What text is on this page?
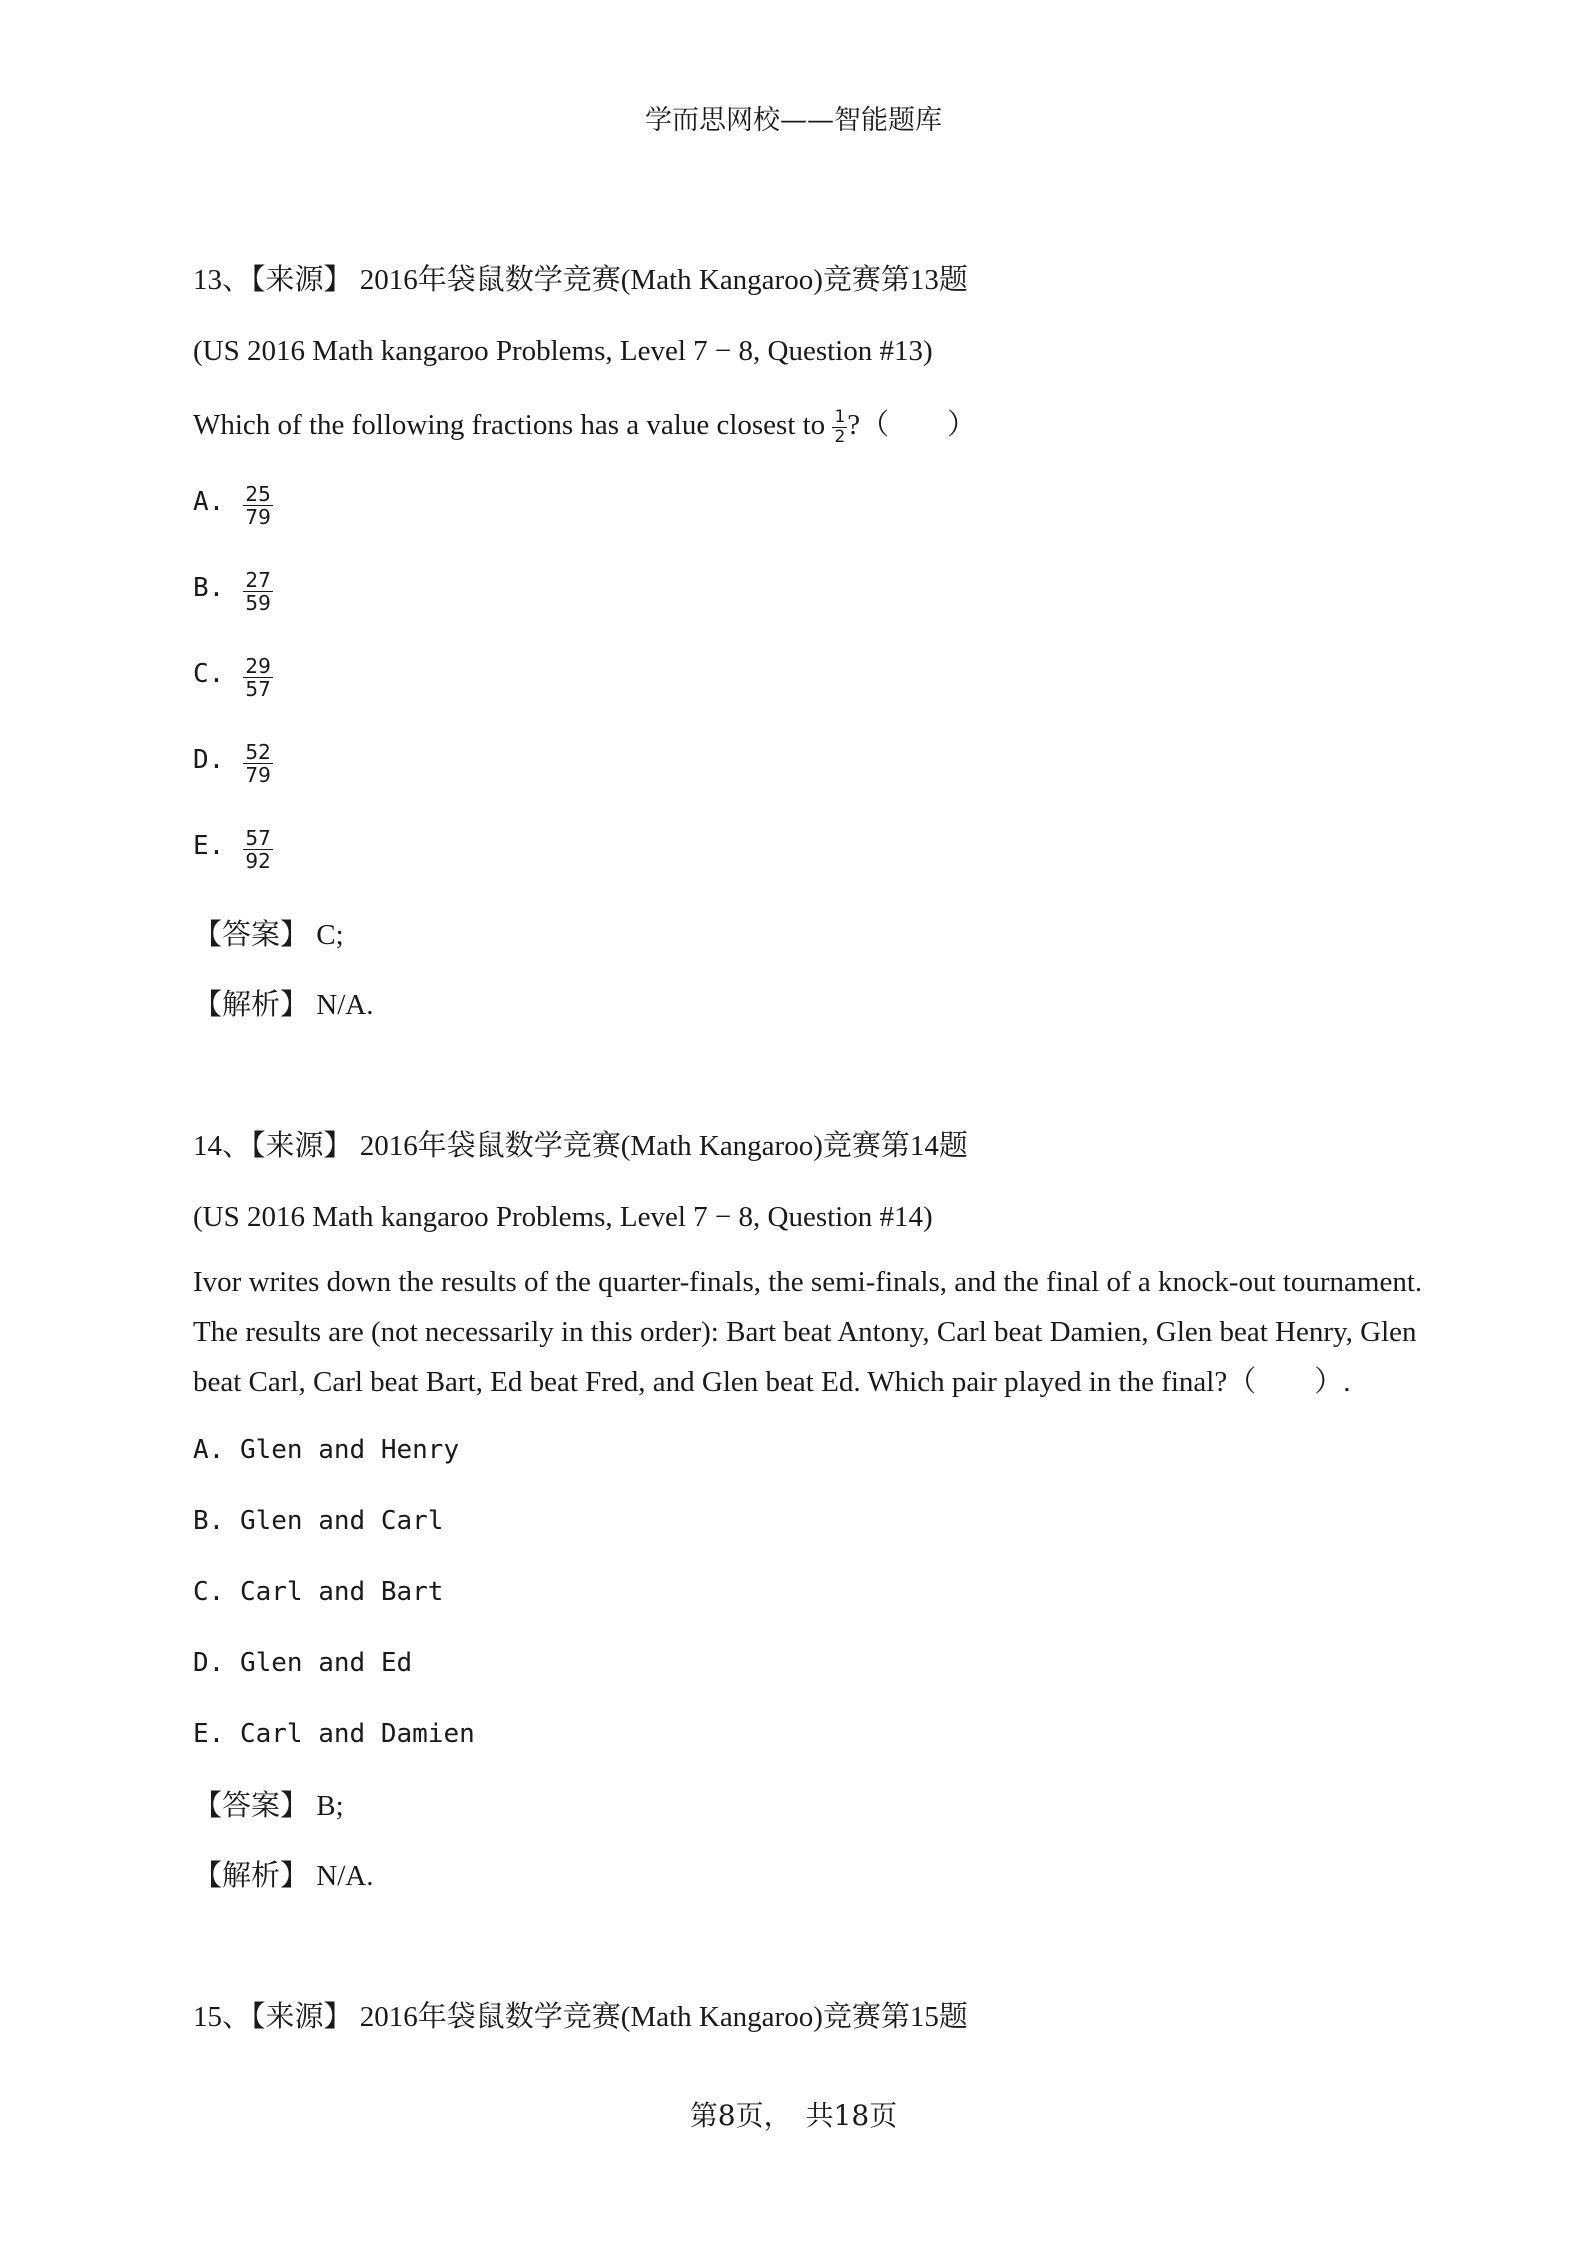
学而思网校——智能题库
13、【来源】 2016年袋鼠数学竞赛(Math Kangaroo)竞赛第13题
(US 2016 Math kangaroo Problems, Level 7 − 8, Question #13)
Which of the following fractions has a value closest to $\frac{1}{2}$ ?（　　）
A. $\frac{25}{79}$
B. $\frac{27}{59}$
C. $\frac{29}{57}$
D. $\frac{52}{79}$
E. $\frac{57}{92}$
【答案】 C;
【解析】 N/A.
14、【来源】 2016年袋鼠数学竞赛(Math Kangaroo)竞赛第14题
(US 2016 Math kangaroo Problems, Level 7 − 8, Question #14)
Ivor writes down the results of the quarter-finals, the semi-finals, and the final of a knock-out tournament.
The results are (not necessarily in this order): Bart beat Antony, Carl beat Damien, Glen beat Henry, Glen
beat Carl, Carl beat Bart, Ed beat Fred, and Glen beat Ed. Which pair played in the final?（　　）.
A. Glen and Henry
B. Glen and Carl
C. Carl and Bart
D. Glen and Ed
E. Carl and Damien
【答案】 B;
【解析】 N/A.
15、【来源】 2016年袋鼠数学竞赛(Math Kangaroo)竞赛第15题
第8页，　共18页
